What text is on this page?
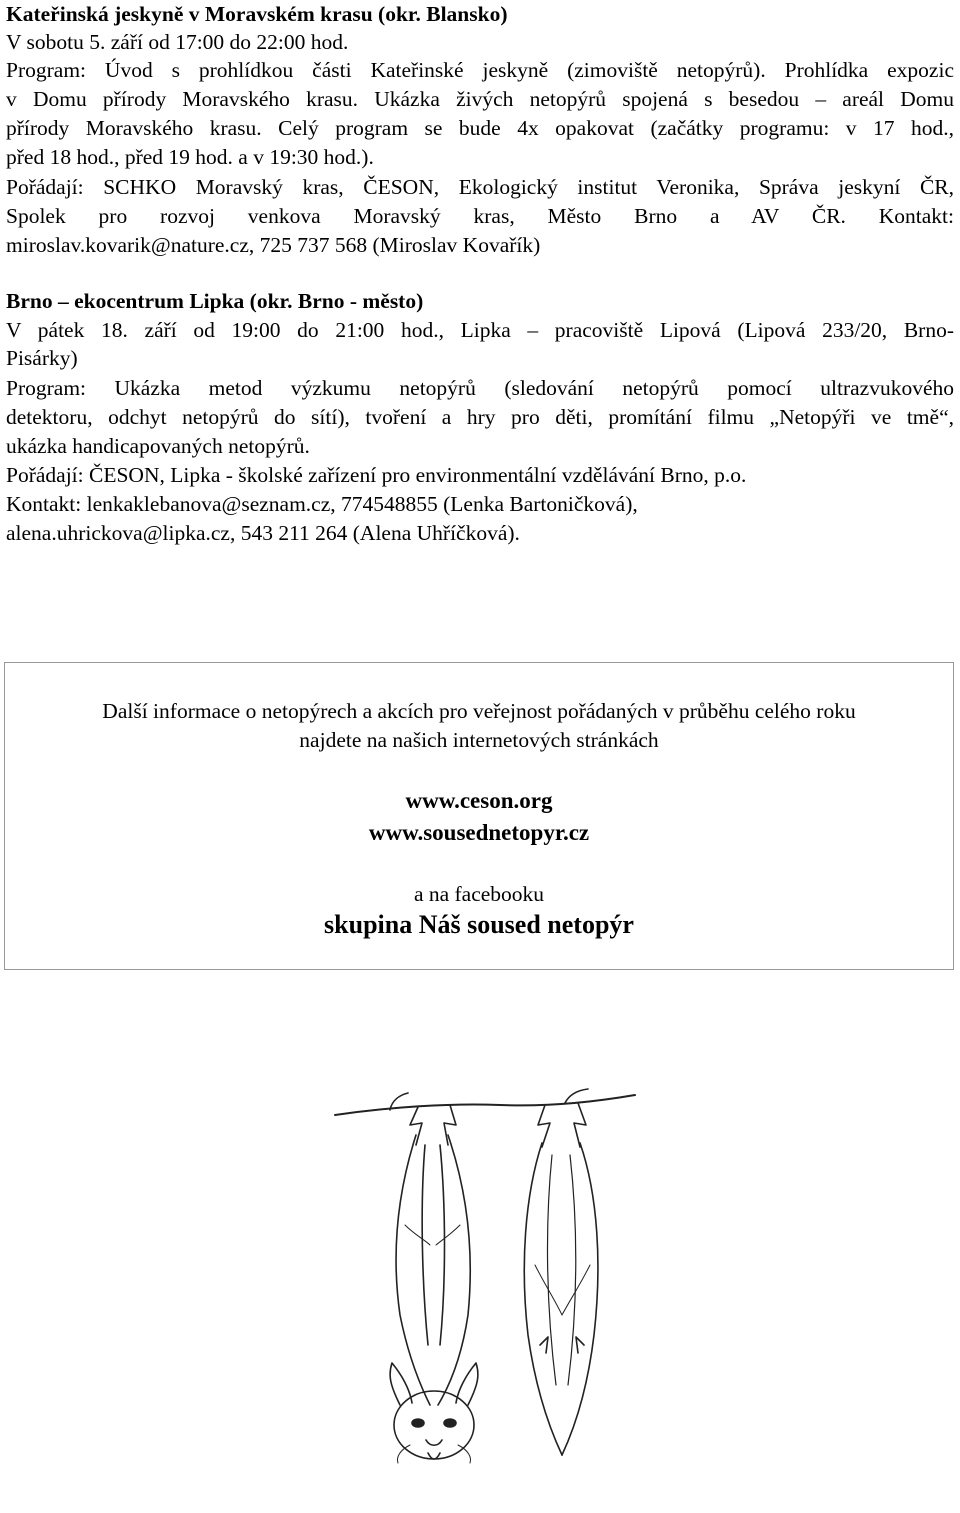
Kateřinská jeskyně v Moravském krasu (okr. Blansko)
V sobotu 5. září od 17:00 do 22:00 hod.
Program: Úvod s prohlídkou části Kateřinské jeskyně (zimoviště netopýrů). Prohlídka expozic
v Domu přírody Moravského krasu. Ukázka živých netopýrů spojená s besedou – areál Domu
přírody Moravského krasu. Celý program se bude 4x opakovat (začátky programu: v 17 hod.,
před 18 hod., před 19 hod. a v 19:30 hod.).
Pořádají: SCHKO Moravský kras, ČESON, Ekologický institut Veronika, Správa jeskyní ČR,
Spolek pro rozvoj venkova Moravský kras, Město Brno a AV ČR. Kontakt:
miroslav.kovarik@nature.cz, 725 737 568 (Miroslav Kovařík)
Brno – ekocentrum Lipka (okr. Brno - město)
V pátek 18. září od 19:00 do 21:00 hod., Lipka – pracoviště Lipová (Lipová 233/20, Brno-
Pisárky)
Program: Ukázka metod výzkumu netopýrů (sledování netopýrů pomocí ultrazvukového
detektoru, odchyt netopýrů do sítí), tvoření a hry pro děti, promítání filmu „Netopýři ve tmě“,
ukázka handicapovaných netopýrů.
Pořádají: ČESON, Lipka - školské zařízení pro environmentální vzdělávání Brno, p.o.
Kontakt: lenkaklebanova@seznam.cz, 774548855 (Lenka Bartoničková),
alena.uhrickova@lipka.cz, 543 211 264 (Alena Uhříčková).
Další informace o netopýrech a akcích pro veřejnost pořádaných v průběhu celého roku
najdete na našich internetových stránkách
www.ceson.org
www.sousednetopyr.cz
a na facebooku
skupina Náš soused netopýr
